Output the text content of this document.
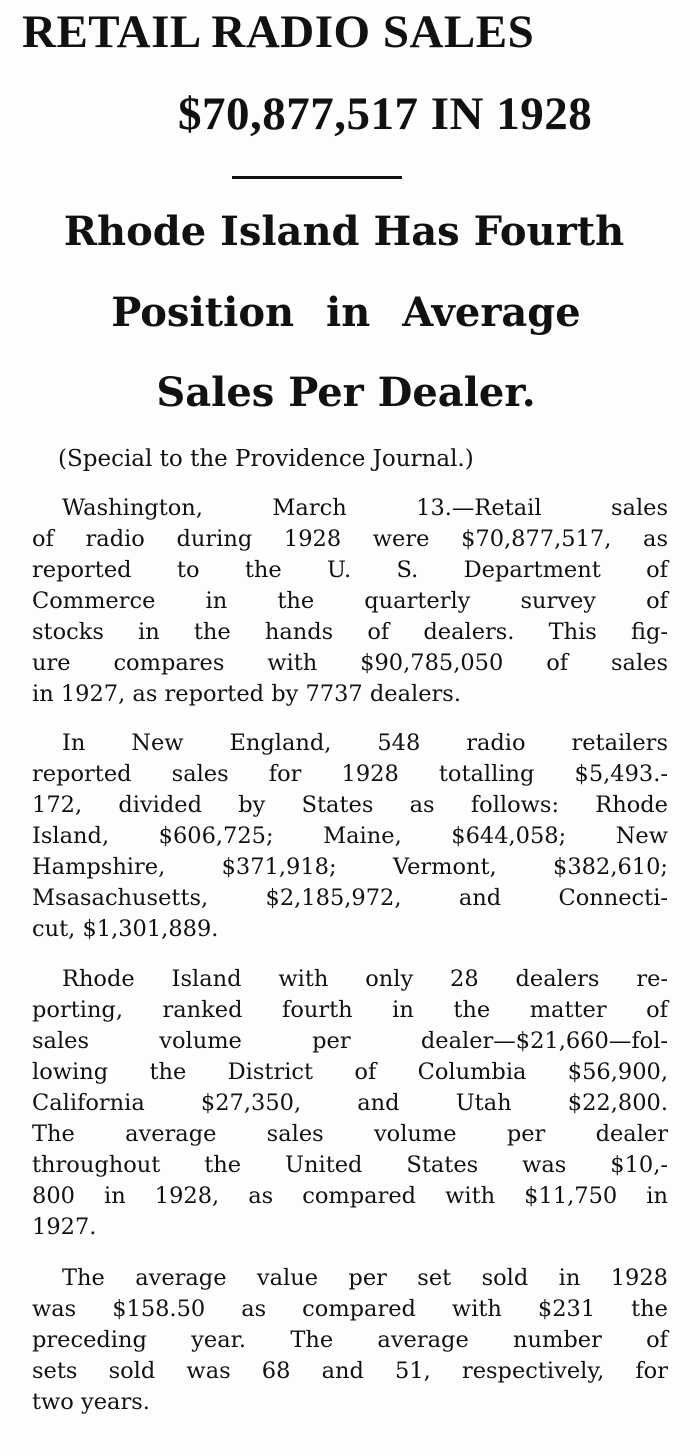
RETAIL RADIO SALES
$70,877,517 IN 1928
Rhode Island Has Fourth
Position in Average
Sales Per Dealer.
(Special to the Providence Journal.)
Washington, March 13.—Retail sales
of radio during 1928 were $70,877,517, as
reported to the U. S. Department of
Commerce in the quarterly survey of
stocks in the hands of dealers. This fig-
ure compares with $90,785,050 of sales
in 1927, as reported by 7737 dealers.
In New England, 548 radio retailers
reported sales for 1928 totalling $5,493.-
172, divided by States as follows: Rhode
Island, $606,725; Maine, $644,058; New
Hampshire, $371,918; Vermont, $382,610;
Msasachusetts, $2,185,972, and Connecti-
cut, $1,301,889.
Rhode Island with only 28 dealers re-
porting, ranked fourth in the matter of
sales volume per dealer—$21,660—fol-
lowing the District of Columbia $56,900,
California $27,350, and Utah $22,800.
The average sales volume per dealer
throughout the United States was $10,-
800 in 1928, as compared with $11,750 in
1927.
The average value per set sold in 1928
was $158.50 as compared with $231 the
preceding year. The average number of
sets sold was 68 and 51, respectively, for
two years.
